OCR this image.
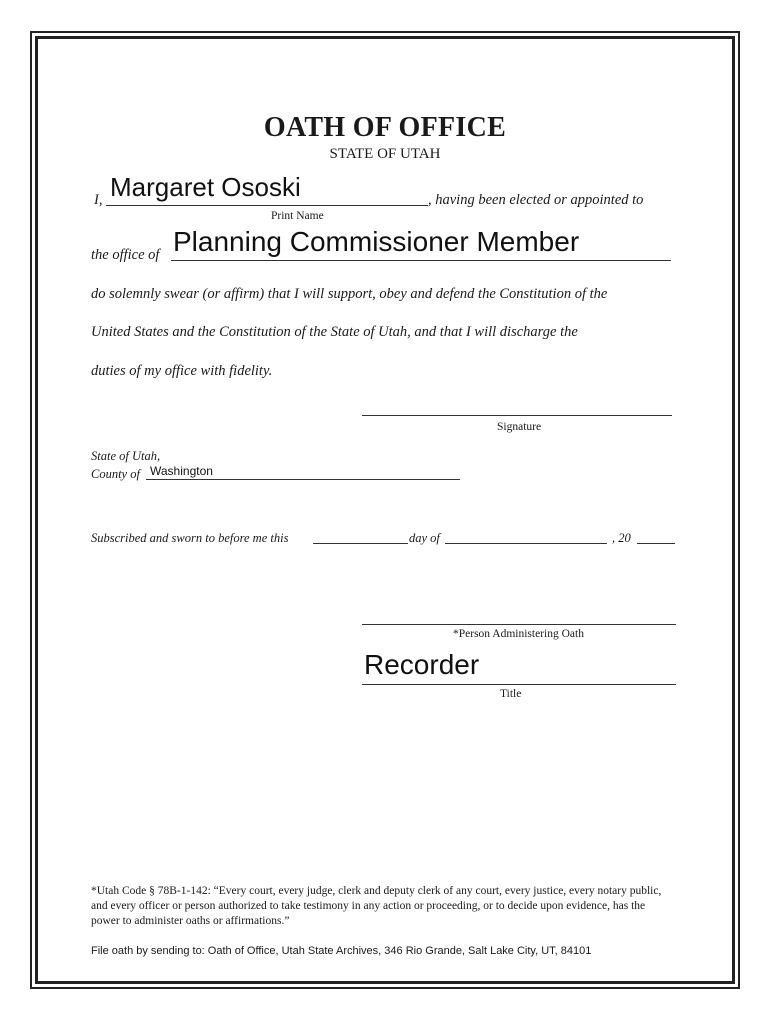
OATH OF OFFICE
STATE OF UTAH
I, Margaret Ososki	, having been elected or appointed to
Print Name
the office of Planning Commissioner Member
do solemnly swear (or affirm) that I will support, obey and defend the Constitution of the
United States and the Constitution of the State of Utah, and that I will discharge the
duties of my office with fidelity.
Signature
State of Utah,
County of Washington
Subscribed and sworn to before me this	day of	, 20
*Person Administering Oath
Recorder
Title
*Utah Code § 78B-1-142: “Every court, every judge, clerk and deputy clerk of any court, every justice, every notary public, and every officer or person authorized to take testimony in any action or proceeding, or to decide upon evidence, has the power to administer oaths or affirmations.”
File oath by sending to: Oath of Office, Utah State Archives, 346 Rio Grande, Salt Lake City, UT, 84101
